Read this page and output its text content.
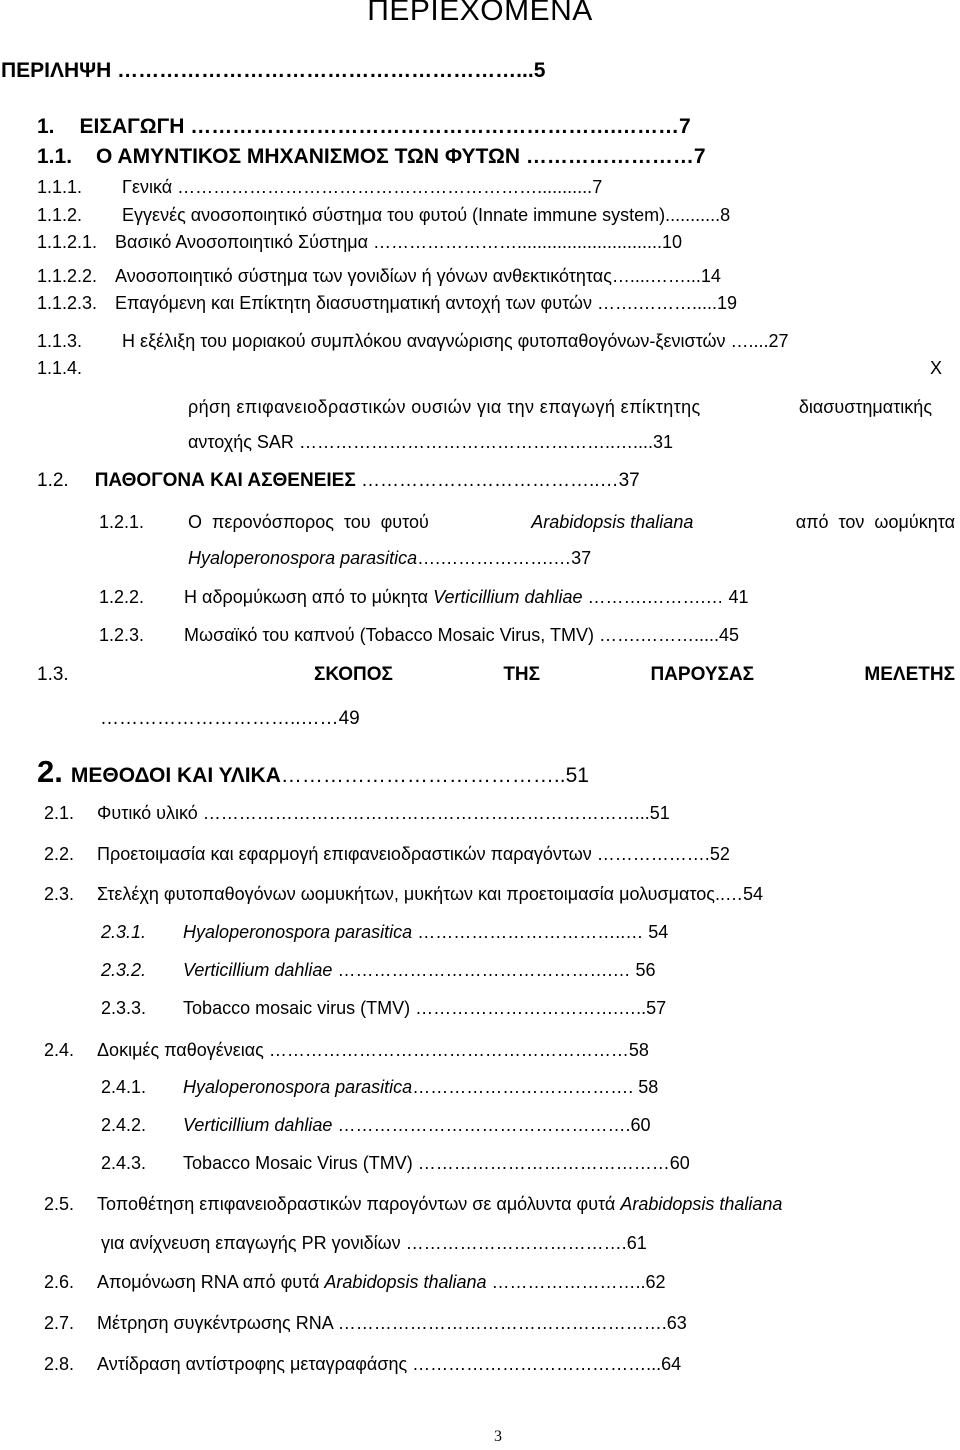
ΠΕΡΙΕΧΟΜΕΝΑ
ΠΕΡΙΛΗΨΗ …………………………………………………...5
1. ΕΙΣΑΓΩΓΗ …………………………………………………….………7
1.1. Ο ΑΜΥΝΤΙΚΟΣ ΜΗΧΑΝΙΣΜΟΣ ΤΩΝ ΦΥΤΩΝ ……………………7
1.1.1. Γενικά ……………………………………………………...........7
1.1.2. Εγγενές ανοσοποιητικό σύστημα του φυτού (Innate immune system)...........8
1.1.2.1. Βασικό Ανοσοποιητικό Σύστημα …………………….............................10
1.1.2.2. Ανοσοποιητικό σύστημα των γονιδίων ή γόνων ανθεκτικότητας…....……...14
1.1.2.3. Επαγόμενη και Επίκτητη διασυστηματική αντοχή των φυτών …….……….....19
1.1.3. Η εξέλιξη του μοριακού συμπλόκου αναγνώρισης φυτοπαθογόνων-ξενιστών …....27
1.1.4.	Χ
ρήση επιφανειοδραστικών ουσιών για την επαγωγή επίκτητης	διασυστηματικής
αντοχής SAR ……………………………………………..…....31
1.2. ΠΑΘΟΓΟΝΑ ΚΑΙ ΑΣΘΕΝΕΙΕΣ ………………………………..…37
1.2.1. Ο περονόσπορος του φυτού	Arabidopsis thaliana	από τον ωομύκητα
Hyaloperonospora parasitica….……………….…37
1.2.2. Η αδρομύκωση από το μύκητα Verticillium dahliae ……….……….… 41
1.2.3. Μωσαϊκό του καπνού (Tobacco Mosaic Virus, TMV) …….……….....45
1.3.	ΣΚΟΠΟΣ	ΤΗΣ	ΠΑΡΟΥΣΑΣ	ΜΕΛΕΤΗΣ
…………………………..……49
2. ΜΕΘΟΔΟΙ ΚΑΙ ΥΛΙΚΑ…………………………………..51
2.1. Φυτικό υλικό ………………………………………………………………...51
2.2. Προετοιμασία και εφαρμογή επιφανειοδραστικών παραγόντων ……………….52
2.3. Στελέχη φυτοπαθογόνων ωομυκήτων, μυκήτων και προετοιμασία μολυσματος..…54
2.3.1. Hyaloperonospora parasitica ……………………………..… 54
2.3.2. Verticillium dahliae ……………………………………….… 56
2.3.3. Tobacco mosaic virus (TMV) …………………………….…..57
2.4. Δοκιμές παθογένειας ……………………………………………………58
2.4.1. Hyaloperonospora parasitica………………………………. 58
2.4.2. Verticillium dahliae ………………………………………….60
2.4.3. Tobacco Mosaic Virus (TMV) ……………………………………60
2.5. Τοποθέτηση επιφανειοδραστικών παρογόντων σε αμόλυντα φυτά Arabidopsis thaliana
για ανίχνευση επαγωγής PR γονιδίων ……………………………….61
2.6. Απομόνωση RNA από φυτά Arabidopsis thaliana ……………………..62
2.7. Μέτρηση συγκέντρωσης RNA ……………………………………………….63
2.8. Αντίδραση αντίστροφης μεταγραφάσης …………………………………...64
3
